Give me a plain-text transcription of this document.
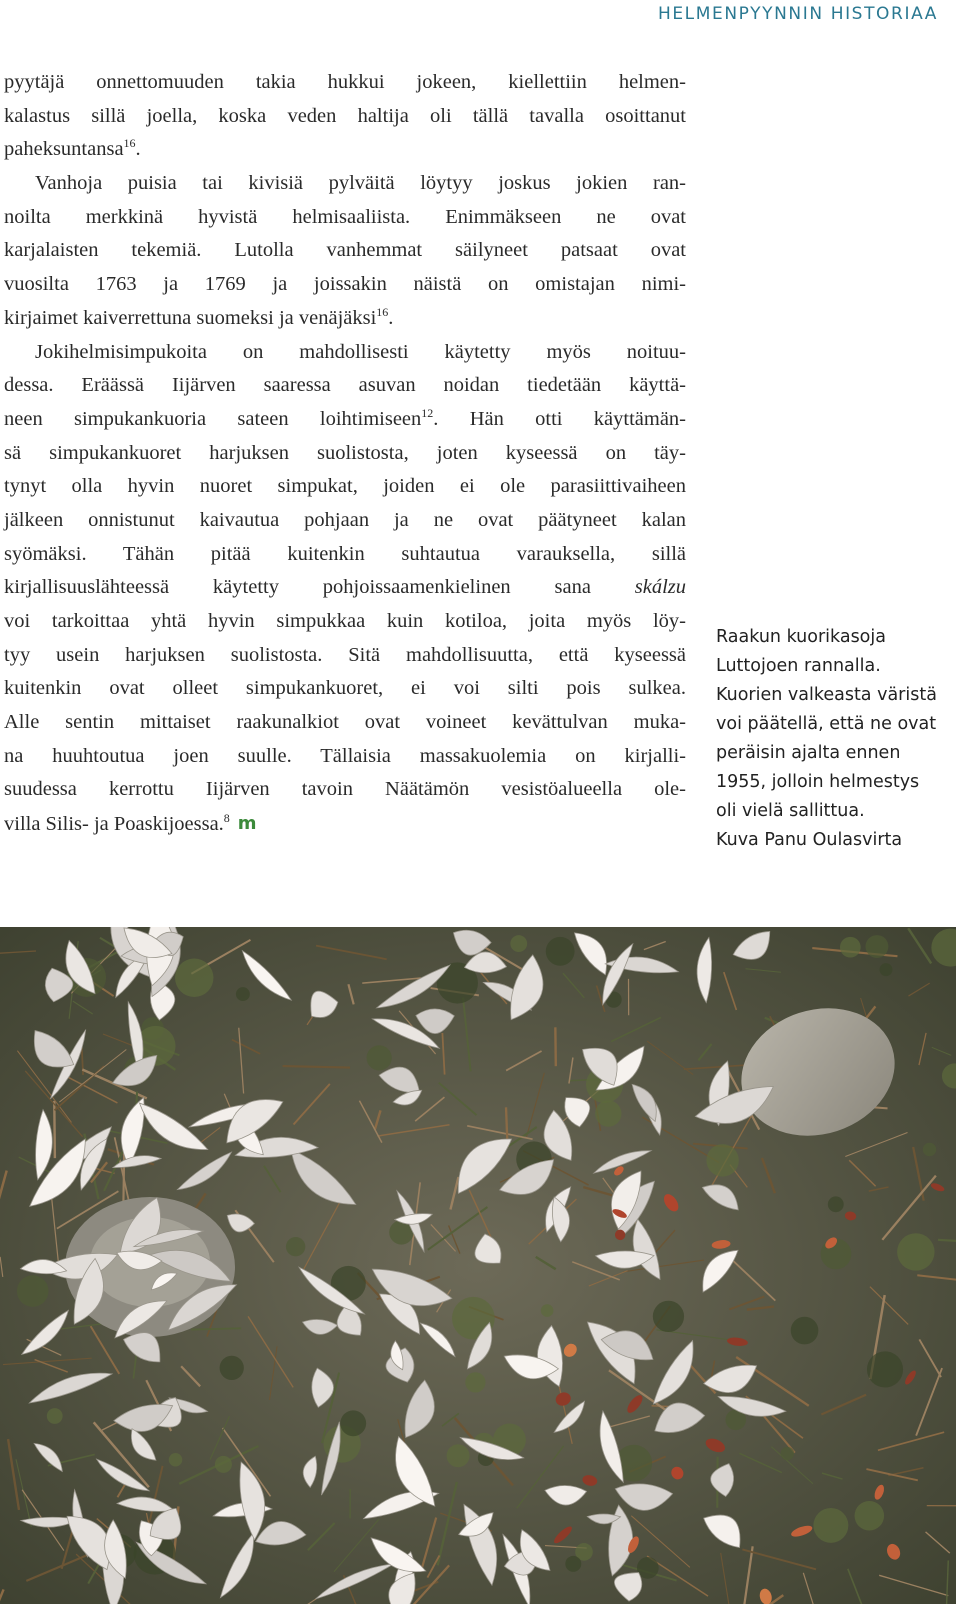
HELMENPYYNNIN HISTORIAA
pyytäjä onnettomuuden takia hukkui jokeen, kiellettiin helmen-
kalastus sillä joella, koska veden haltija oli tällä tavalla osoittanut
paheksuntansa$^{16}$.
Vanhoja puisia tai kivisiä pylväitä löytyy joskus jokien ran-
noilta merkkinä hyvistä helmisaaliista. Enimmäkseen ne ovat
karjalaisten tekemiä. Lutolla vanhemmat säilyneet patsaat ovat
vuosilta 1763 ja 1769 ja joissakin näistä on omistajan nimi-
kirjaimet kaiverrettuna suomeksi ja venäjäksi$^{16}$.
Jokihelmisimpukoita on mahdollisesti käytetty myös noituu-
dessa. Eräässä Iijärven saaressa asuvan noidan tiedetään käyttä-
neen simpukankuoria sateen loihtimiseen$^{12}$. Hän otti käyttämän-
sä simpukankuoret harjuksen suolistosta, joten kyseessä on täy-
tynyt olla hyvin nuoret simpukat, joiden ei ole parasiittivaiheen
jälkeen onnistunut kaivautua pohjaan ja ne ovat päätyneet kalan
syömäksi. Tähän pitää kuitenkin suhtautua varauksella, sillä
kirjallisuuslähteessä käytetty pohjoissaamenkielinen sana skálzu
voi tarkoittaa yhtä hyvin simpukkaa kuin kotiloa, joita myös löy-
tyy usein harjuksen suolistosta. Sitä mahdollisuutta, että kyseessä
kuitenkin ovat olleet simpukankuoret, ei voi silti pois sulkea.
Alle sentin mittaiset raakunalkiot ovat voineet kevättulvan muka-
na huuhtoutua joen suulle. Tällaisia massakuolemia on kirjalli-
suudessa kerrottu Iijärven tavoin Näätämön vesistöalueella ole-
villa Silis- ja Poaskijoessa.$^8$ m
Raakun kuorikasoja
Luttojoen rannalla.
Kuorien valkeasta väristä
voi päätellä, että ne ovat
peräisin ajalta ennen
1955, jolloin helmestys
oli vielä sallittua.
Kuva Panu Oulasvirta
